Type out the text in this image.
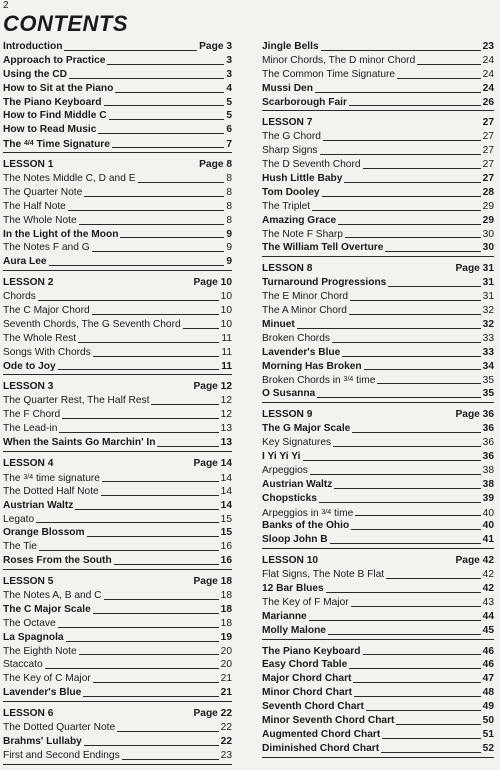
2
CONTENTS
Introduction	Page 3
Approach to Practice	3
Using the CD	3
How to Sit at the Piano	4
The Piano Keyboard	5
How to Find Middle C	5
How to Read Music	6
The 4/4 Time Signature	7
LESSON 1	Page 8
The Notes Middle C, D and E	8
The Quarter Note	8
The Half Note	8
The Whole Note	8
In the Light of the Moon	9
The Notes F and G	9
Aura Lee	9
LESSON 2	Page 10
Chords	10
The C Major Chord	10
Seventh Chords, The G Seventh Chord	10
The Whole Rest	11
Songs With Chords	11
Ode to Joy	11
LESSON 3	Page 12
The Quarter Rest, The Half Rest	12
The F Chord	12
The Lead-in	13
When the Saints Go Marchin' In	13
LESSON 4	Page 14
The 3/4 time signature	14
The Dotted Half Note	14
Austrian Waltz	14
Legato	15
Orange Blossom	15
The Tie	16
Roses From the South	16
LESSON 5	Page 18
The Notes A, B and C	18
The C Major Scale	18
The Octave	18
La Spagnola	19
The Eighth Note	20
Staccato	20
The Key of C Major	21
Lavender's Blue	21
LESSON 6	Page 22
The Dotted Quarter Note	22
Brahms' Lullaby	22
First and Second Endings	23
Jingle Bells	23
Minor Chords, The D minor Chord	24
The Common Time Signature	24
Mussi Den	24
Scarborough Fair	26
LESSON 7	27
The G Chord	27
Sharp Signs	27
The D Seventh Chord	27
Hush Little Baby	27
Tom Dooley	28
The Triplet	29
Amazing Grace	29
The Note F Sharp	30
The William Tell Overture	30
LESSON 8	Page 31
Turnaround Progressions	31
The E Minor Chord	31
The A Minor Chord	32
Minuet	32
Broken Chords	33
Lavender's Blue	33
Morning Has Broken	34
Broken Chords in 3/4 time	35
O Susanna	35
LESSON 9	Page 36
The G Major Scale	36
Key Signatures	36
I Yi Yi Yi	36
Arpeggios	38
Austrian Waltz	38
Chopsticks	39
Arpeggios in 3/4 time	40
Banks of the Ohio	40
Sloop John B	41
LESSON 10	Page 42
Flat Signs, The Note B Flat	42
12 Bar Blues	42
The Key of F Major	43
Marianne	44
Molly Malone	45
The Piano Keyboard	46
Easy Chord Table	46
Major Chord Chart	47
Minor Chord Chart	48
Seventh Chord Chart	49
Minor Seventh Chord Chart	50
Augmented Chord Chart	51
Diminished Chord Chart	52
